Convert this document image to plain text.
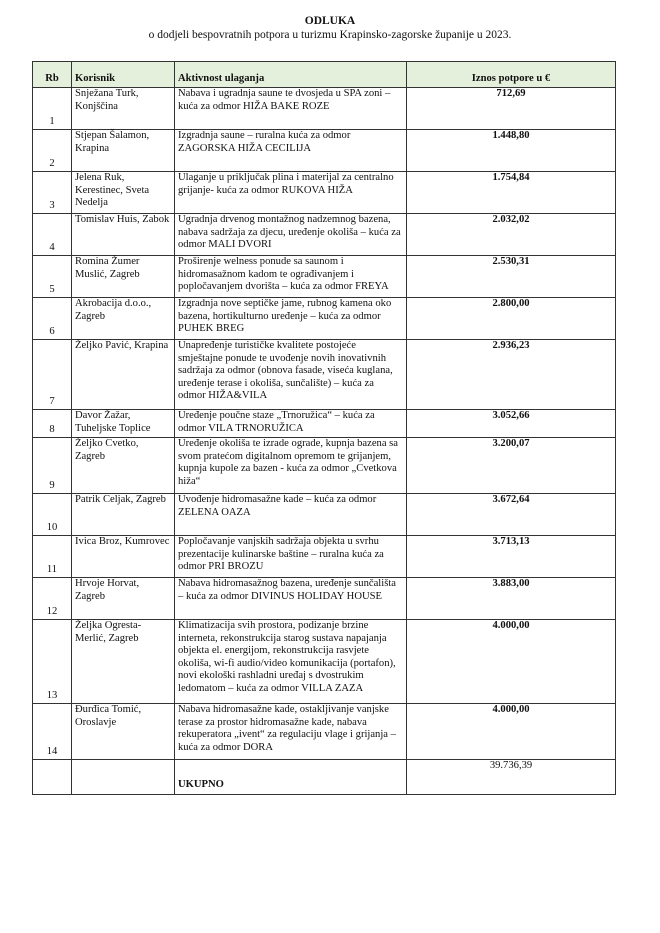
ODLUKA
o dodjeli bespovratnih potpora u turizmu Krapinsko-zagorske županije u 2023.
Rb	Korisnik	Aktivnost ulaganja	Iznos potpore u €
1	Snježana Turk, Konjščina	Nabava i ugradnja saune te dvosjeda u SPA zoni – kuća za odmor HIŽA BAKE ROZE	712,69
2	Stjepan Šalamon, Krapina	Izgradnja saune – ruralna kuća za odmor ZAGORSKA HIŽA CECILIJA	1.448,80
3	Jelena Ruk, Kerestinec, Sveta Nedelja	Ulaganje u priključak plina i materijal za centralno grijanje- kuća za odmor RUKOVA HIŽA	1.754,84
4	Tomislav Huis, Zabok	Ugradnja drvenog montažnog nadzemnog bazena, nabava sadržaja za djecu, uređenje okoliša – kuća za odmor MALI DVORI	2.032,02
5	Romina Žumer Muslić, Zagreb	Proširenje welness ponude sa saunom i hidromasažnom kadom te ograđivanjem i popločavanjem dvorišta – kuća za odmor FREYA	2.530,31
6	Akrobacija d.o.o., Zagreb	Izgradnja nove septičke jame, rubnog kamena oko bazena, hortikulturno uređenje – kuća za odmor PUHEK BREG	2.800,00
7	Željko Pavić, Krapina	Unapređenje turističke kvalitete postojeće smještajne ponude te uvođenje novih inovativnih sadržaja za odmor (obnova fasade, viseća kuglana, uređenje terase i okoliša, sunčalište) – kuća za odmor HIŽA&VILA	2.936,23
8	Davor Žažar, Tuheljske Toplice	Uređenje poučne staze „Trnoružica“ – kuća za odmor VILA TRNORUŽICA	3.052,66
9	Željko Cvetko, Zagreb	Uređenje okoliša te izrade ograde, kupnja bazena sa svom pratećom digitalnom opremom te grijanjem, kupnja kupole za bazen - kuća za odmor „Cvetkova hiža“	3.200,07
10	Patrik Celjak, Zagreb	Uvođenje hidromasažne kade – kuća za odmor ZELENA OAZA	3.672,64
11	Ivica Broz, Kumrovec	Popločavanje vanjskih sadržaja objekta u svrhu prezentacije kulinarske baštine – ruralna kuća za odmor PRI BROZU	3.713,13
12	Hrvoje Horvat, Zagreb	Nabava hidromasažnog bazena, uređenje sunčališta – kuća za odmor DIVINUS HOLIDAY HOUSE	3.883,00
13	Željka Ogresta-Merlić, Zagreb	Klimatizacija svih prostora, podizanje brzine interneta, rekonstrukcija starog sustava napajanja objekta el. energijom, rekonstrukcija rasvjete okoliša, wi-fi audio/video komunikacija (portafon), novi ekološki rashladni uređaj s dvostrukim ledomatom – kuća za odmor VILLA ZAZA	4.000,00
14	Đurđica Tomić, Oroslavje	Nabava hidromasažne kade, ostakljivanje vanjske terase za prostor hidromasažne kade, nabava rekuperatora „ivent“ za regulaciju vlage i grijanja – kuća za odmor DORA	4.000,00
		UKUPNO	39.736,39
